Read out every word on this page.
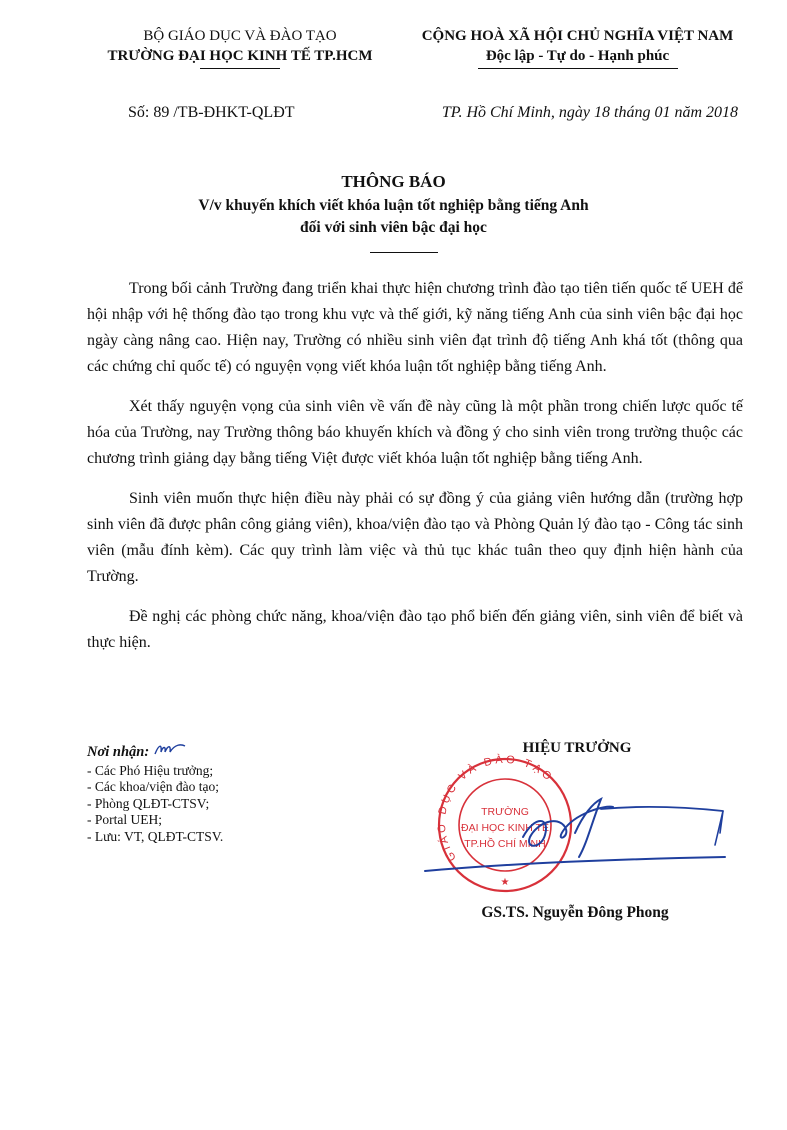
BỘ GIÁO DỤC VÀ ĐÀO TẠO
TRƯỜNG ĐẠI HỌC KINH TẾ TP.HCM
CỘNG HOÀ XÃ HỘI CHỦ NGHĨA VIỆT NAM
Độc lập - Tự do - Hạnh phúc
Số: 89 /TB-ĐHKT-QLĐT	TP. Hồ Chí Minh, ngày 18 tháng 01 năm 2018
THÔNG BÁO
V/v khuyến khích viết khóa luận tốt nghiệp bằng tiếng Anh
đối với sinh viên bậc đại học

Trong bối cảnh Trường đang triển khai thực hiện chương trình đào tạo tiên tiến quốc tế UEH để hội nhập với hệ thống đào tạo trong khu vực và thế giới, kỹ năng tiếng Anh của sinh viên bậc đại học ngày càng nâng cao. Hiện nay, Trường có nhiều sinh viên đạt trình độ tiếng Anh khá tốt (thông qua các chứng chỉ quốc tế) có nguyện vọng viết khóa luận tốt nghiệp bằng tiếng Anh.

Xét thấy nguyện vọng của sinh viên về vấn đề này cũng là một phần trong chiến lược quốc tế hóa của Trường, nay Trường thông báo khuyến khích và đồng ý cho sinh viên trong trường thuộc các chương trình giảng dạy bằng tiếng Việt được viết khóa luận tốt nghiệp bằng tiếng Anh.

Sinh viên muốn thực hiện điều này phải có sự đồng ý của giảng viên hướng dẫn (trường hợp sinh viên đã được phân công giảng viên), khoa/viện đào tạo và Phòng Quản lý đào tạo - Công tác sinh viên (mẫu đính kèm). Các quy trình làm việc và thủ tục khác tuân theo quy định hiện hành của Trường.

Đề nghị các phòng chức năng, khoa/viện đào tạo phổ biến đến giảng viên, sinh viên để biết và thực hiện.

Nơi nhận:
- Các Phó Hiệu trưởng;
- Các khoa/viện đào tạo;
- Phòng QLĐT-CTSV;
- Portal UEH;
- Lưu: VT, QLĐT-CTSV.
HIỆU TRƯỞNG
GIÁO DỤC VÀ ĐÀO TẠO
TRƯỜNG
ĐẠI HỌC KINH TẾ
TP.HỒ CHÍ MINH
★
GS.TS. Nguyễn Đông Phong
